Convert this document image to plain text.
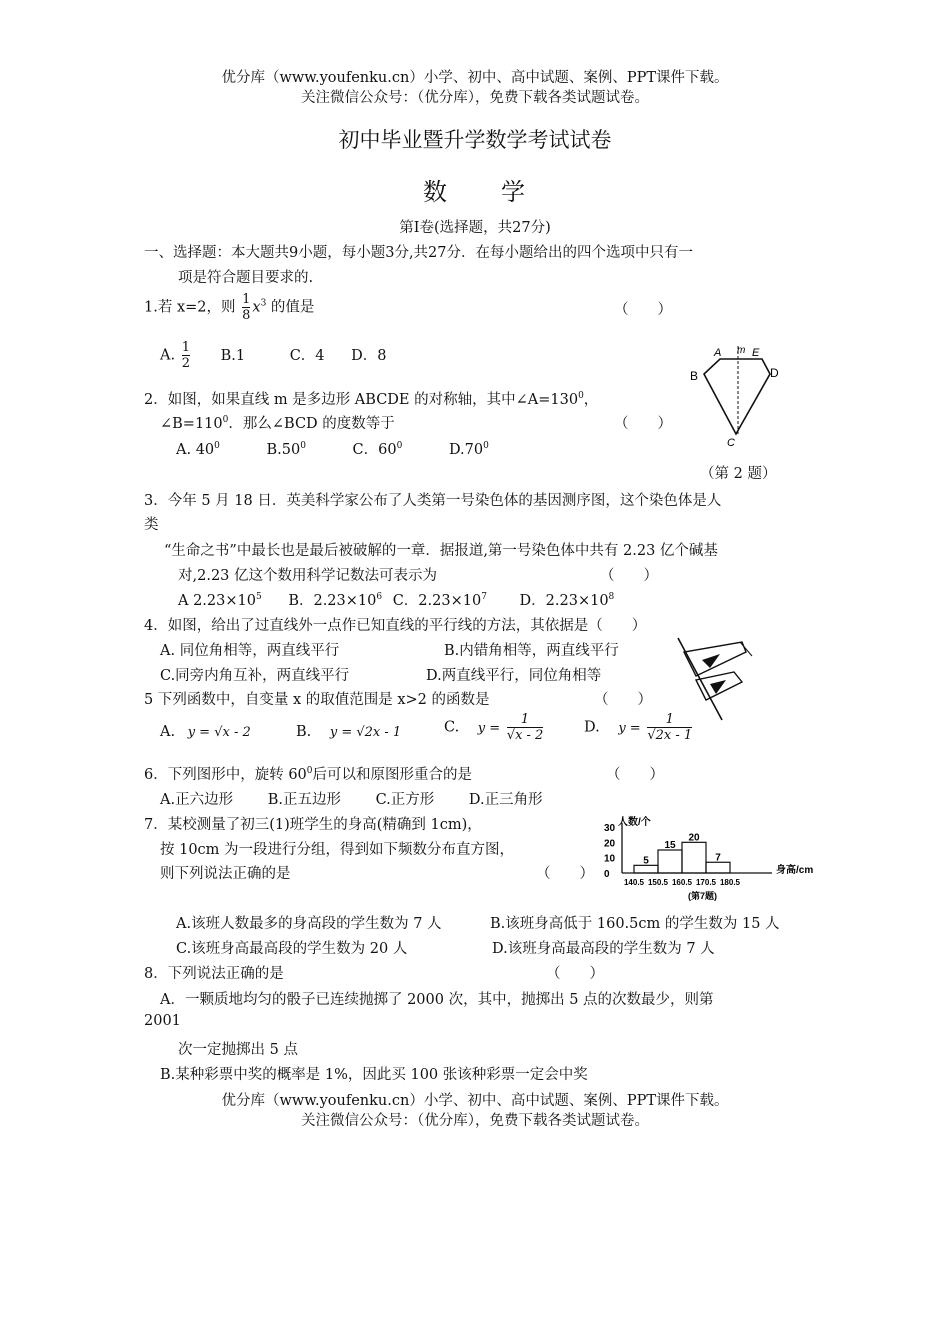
优分库（www.youfenku.cn）小学、初中、高中试题、案例、PPT课件下载。
关注微信公众号：（优分库），免费下载各类试题试卷。
初中毕业暨升学数学考试试卷
数　　学
第Ⅰ卷(选择题，共27分)
一、选择题：本大题共9小题，每小题3分,共27分．在每小题给出的四个选项中只有一
项是符合题目要求的.
1.若 x=2，则 $\frac{1}{8} x^3$ 的值是	（　　）
A. $\frac{1}{2} B.1$	C．4 D．8
2．如图，如果直线 m 是多边形 ABCDE 的对称轴，其中$\angle A=130^0$，
$\angle B=110^0$．那么∠BCD 的度数等于	（　　）
A. $40^0$	$B.50^0$	C．$60^0$	$D.70^0$
A m E
B	D
C
（第 2 题）
3．今年 5 月 18 日．英美科学家公布了人类第一号染色体的基因测序图，这个染色体是人
类
“生命之书”中最长也是最后被破解的一章．据报道,第一号染色体中共有 2.23 亿个碱基
对,2.23 亿这个数用科学记数法可表示为	（　　）
A $2.23\times 10^5$ B．$2.23\times 10^6$ C．$2.23\times 10^7$ D．$2.23\times 10^8$
4．如图，给出了过直线外一点作已知直线的平行线的方法，其依据是（　　）
A. 同位角相等，两直线平行	B.内错角相等，两直线平行
C.同旁内角互补，两直线平行	D.两直线平行，同位角相等
5 下列函数中，自变量 x 的取值范围是 x>2 的函数是	（　　）
A. y = √x - 2	B. y = √2x - 1	C. $y = \frac{1}{√x - 2}$	D. $y = \frac{1}{√2x - 1}$
6．下列图形中，旋转 $60^0$后可以和原图形重合的是	（　　）
A.正六边形 B.正五边形 C.正方形 D.正三角形
7．某校测量了初三(1)班学生的身高(精确到 1cm)，
按 10cm 为一段进行分组，得到如下频数分布直方图，
则下列说法正确的是	（　　）
人数/个
身高/cm
0
10
20
30
5
15
20
7
140.5 150.5 160.5 170.5 180.5
(第7题)
A.该班人数最多的身高段的学生数为 7 人	B.该班身高低于 160.5cm 的学生数为 15 人
C.该班身高最高段的学生数为 20 人	D.该班身高最高段的学生数为 7 人
8．下列说法正确的是	（　　）
A．一颗质地均匀的骰子已连续抛掷了 2000 次，其中，抛掷出 5 点的次数最少，则第
2001
次一定抛掷出 5 点
B.某种彩票中奖的概率是 1%，因此买 100 张该种彩票一定会中奖
优分库（www.youfenku.cn）小学、初中、高中试题、案例、PPT课件下载。
关注微信公众号：（优分库），免费下载各类试题试卷。
